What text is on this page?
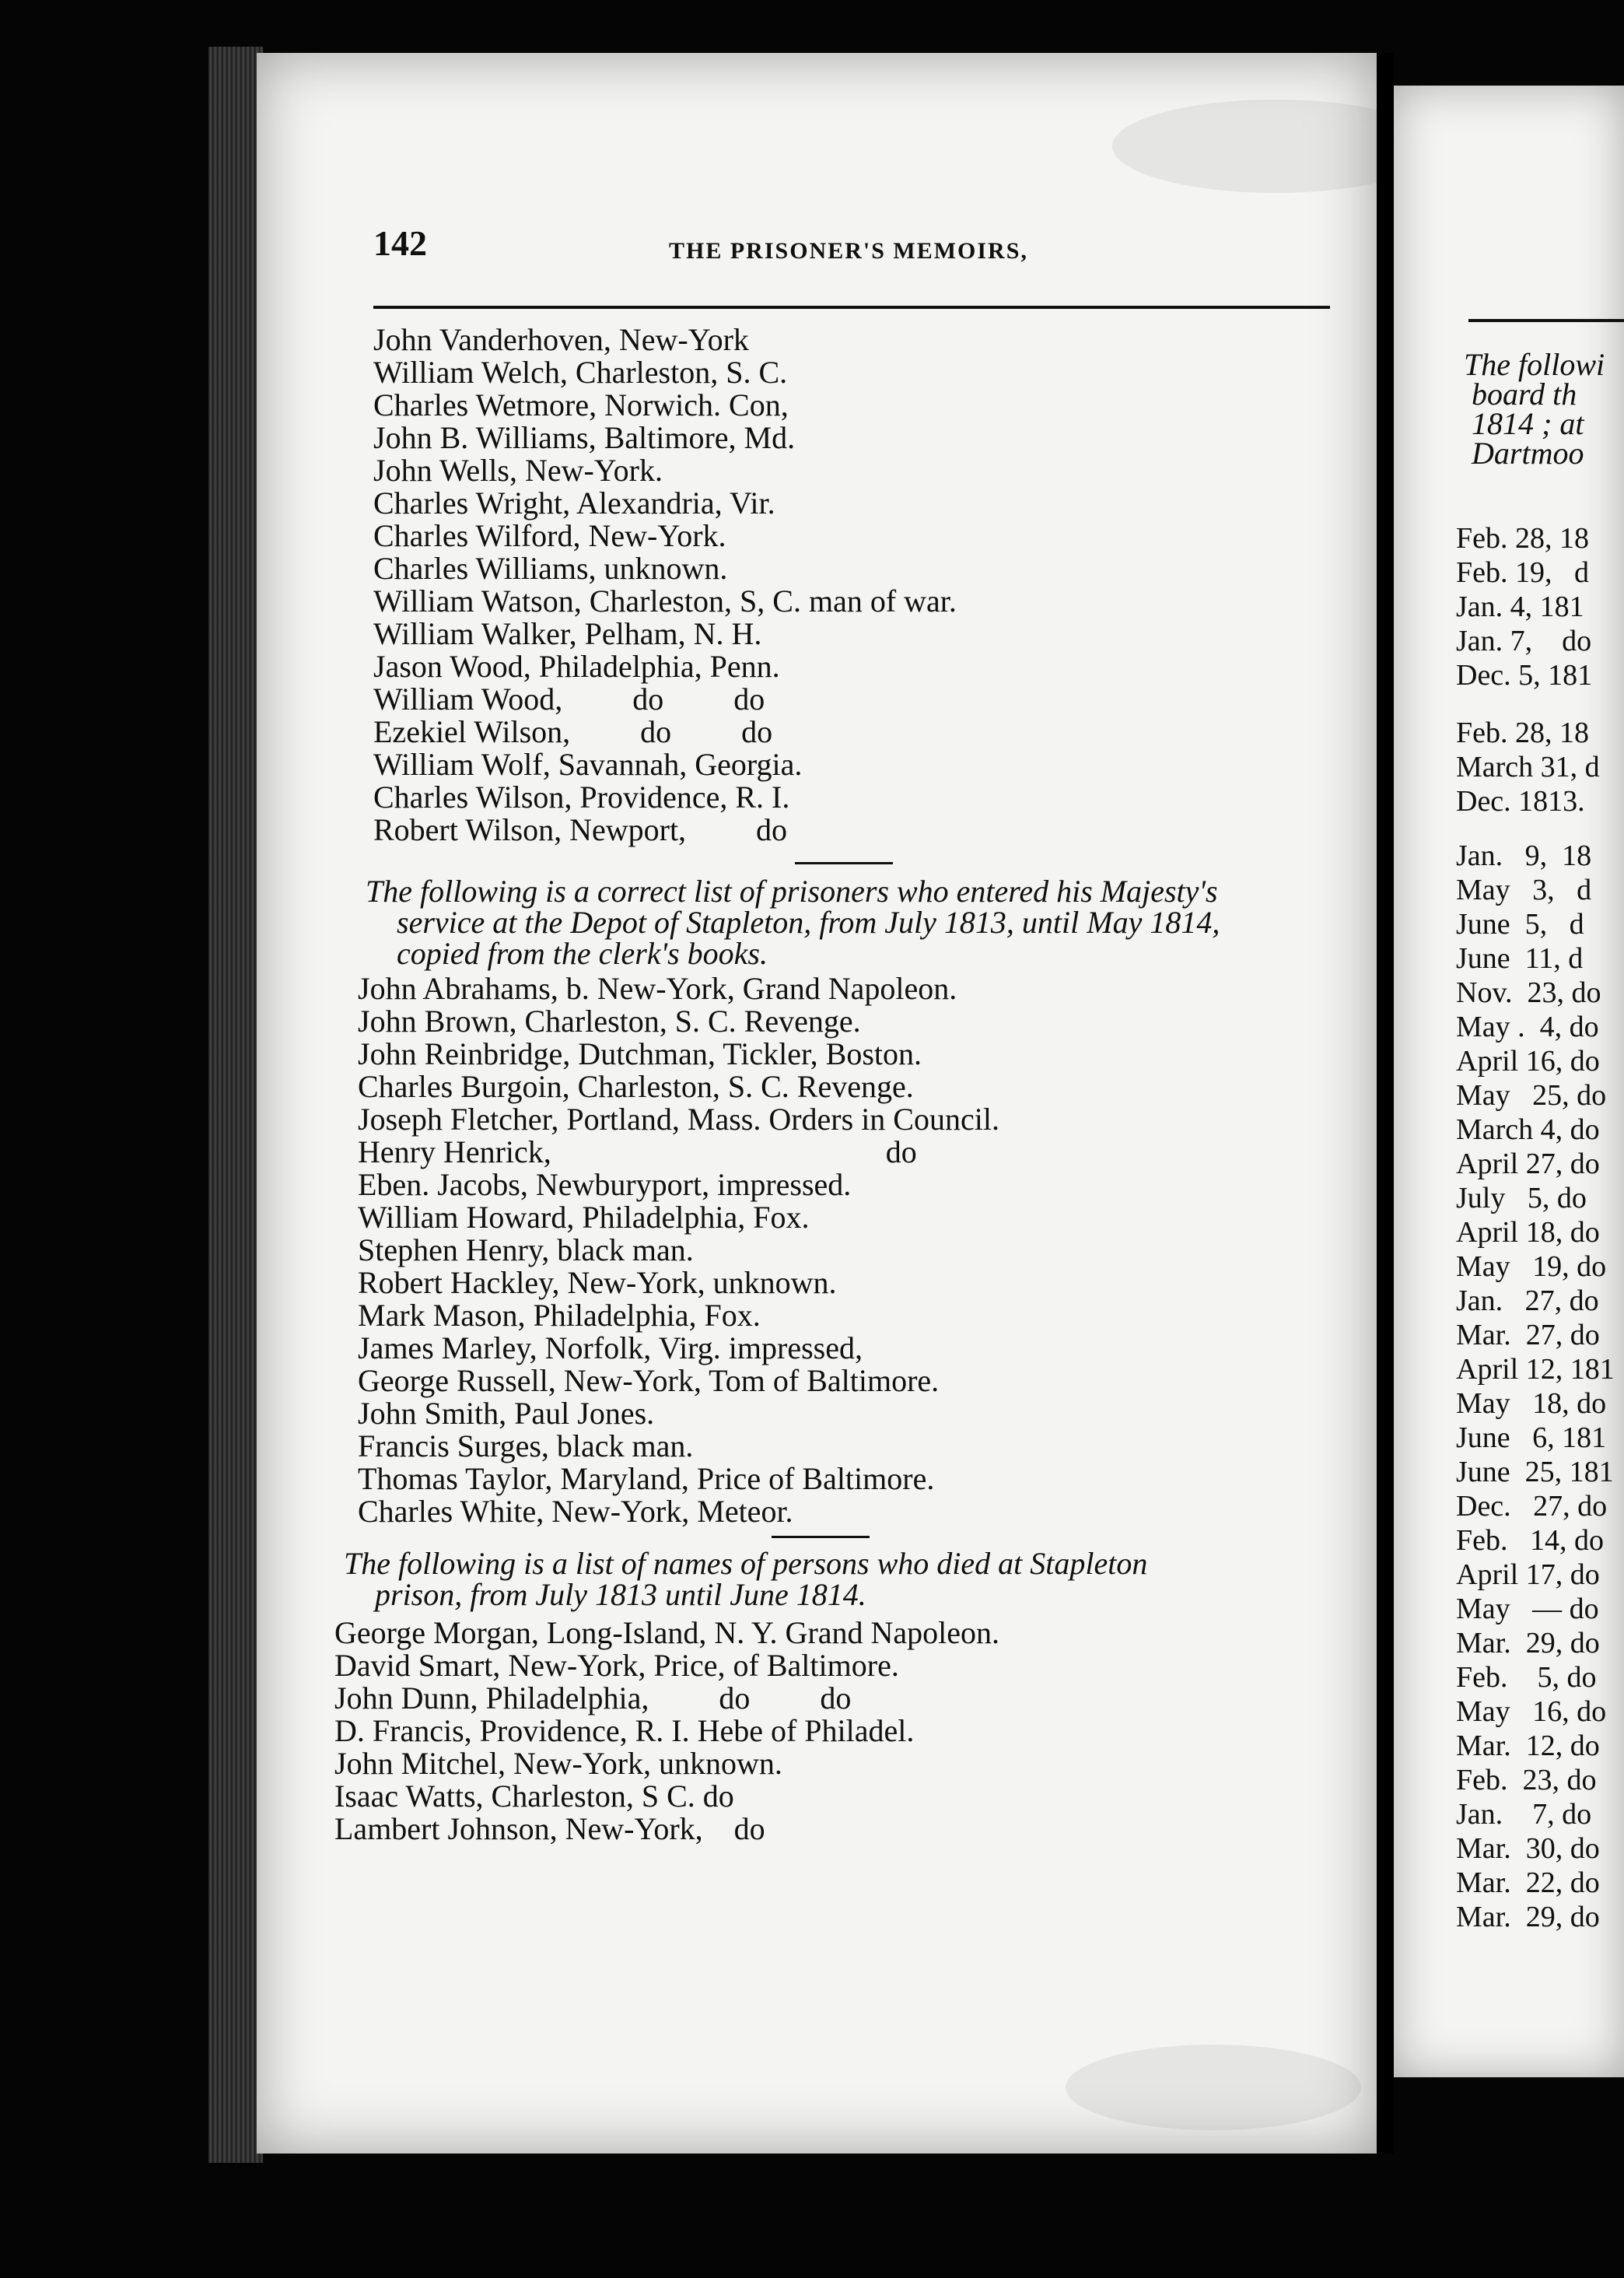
142	THE PRISONER'S MEMOIRS,
John Vanderhoven, New-York
William Welch, Charleston, S. C.
Charles Wetmore, Norwich. Con,
John B. Williams, Baltimore, Md.
John Wells, New-York.
Charles Wright, Alexandria, Vir.
Charles Wilford, New-York.
Charles Williams, unknown.
William Watson, Charleston, S, C. man of war.
William Walker, Pelham, N. H.
Jason Wood, Philadelphia, Penn.
William Wood,         do         do
Ezekiel Wilson,         do         do
William Wolf, Savannah, Georgia.
Charles Wilson, Providence, R. I.
Robert Wilson, Newport,         do
The following is a correct list of prisoners who entered his Majesty's
service at the Depot of Stapleton, from July 1813, until May 1814,
copied from the clerk's books.
John Abrahams, b. New-York, Grand Napoleon.
John Brown, Charleston, S. C. Revenge.
John Reinbridge, Dutchman, Tickler, Boston.
Charles Burgoin, Charleston, S. C. Revenge.
Joseph Fletcher, Portland, Mass. Orders in Council.
Henry Henrick,                                           do
Eben. Jacobs, Newburyport, impressed.
William Howard, Philadelphia, Fox.
Stephen Henry, black man.
Robert Hackley, New-York, unknown.
Mark Mason, Philadelphia, Fox.
James Marley, Norfolk, Virg. impressed,
George Russell, New-York, Tom of Baltimore.
John Smith, Paul Jones.
Francis Surges, black man.
Thomas Taylor, Maryland, Price of Baltimore.
Charles White, New-York, Meteor.
The following is a list of names of persons who died at Stapleton
prison, from July 1813 until June 1814.
George Morgan, Long-Island, N. Y. Grand Napoleon.
David Smart, New-York, Price, of Baltimore.
John Dunn, Philadelphia,         do         do
D. Francis, Providence, R. I. Hebe of Philadel.
John Mitchel, New-York, unknown.
Isaac Watts, Charleston, S C. do
Lambert Johnson, New-York,    do
The followi
board th
1814 ; at
Dartmoo
Feb. 28, 18
Feb. 19,   d
Jan. 4, 181
Jan. 7,    do
Dec. 5, 181
Feb. 28, 18
March 31, d
Dec. 1813.
Jan.   9,  18
May   3,   d
June  5,   d
June  11, d
Nov.  23, do
May .  4, do
April 16, do
May   25, do
March 4, do
April 27, do
July   5, do
April 18, do
May   19, do
Jan.   27, do
Mar.  27, do
April 12, 181
May   18, do
June   6, 181
June  25, 181
Dec.   27, do
Feb.   14, do
April 17, do
May   — do
Mar.  29, do
Feb.    5, do
May   16, do
Mar.  12, do
Feb.  23, do
Jan.    7, do
Mar.  30, do
Mar.  22, do
Mar.  29, do
